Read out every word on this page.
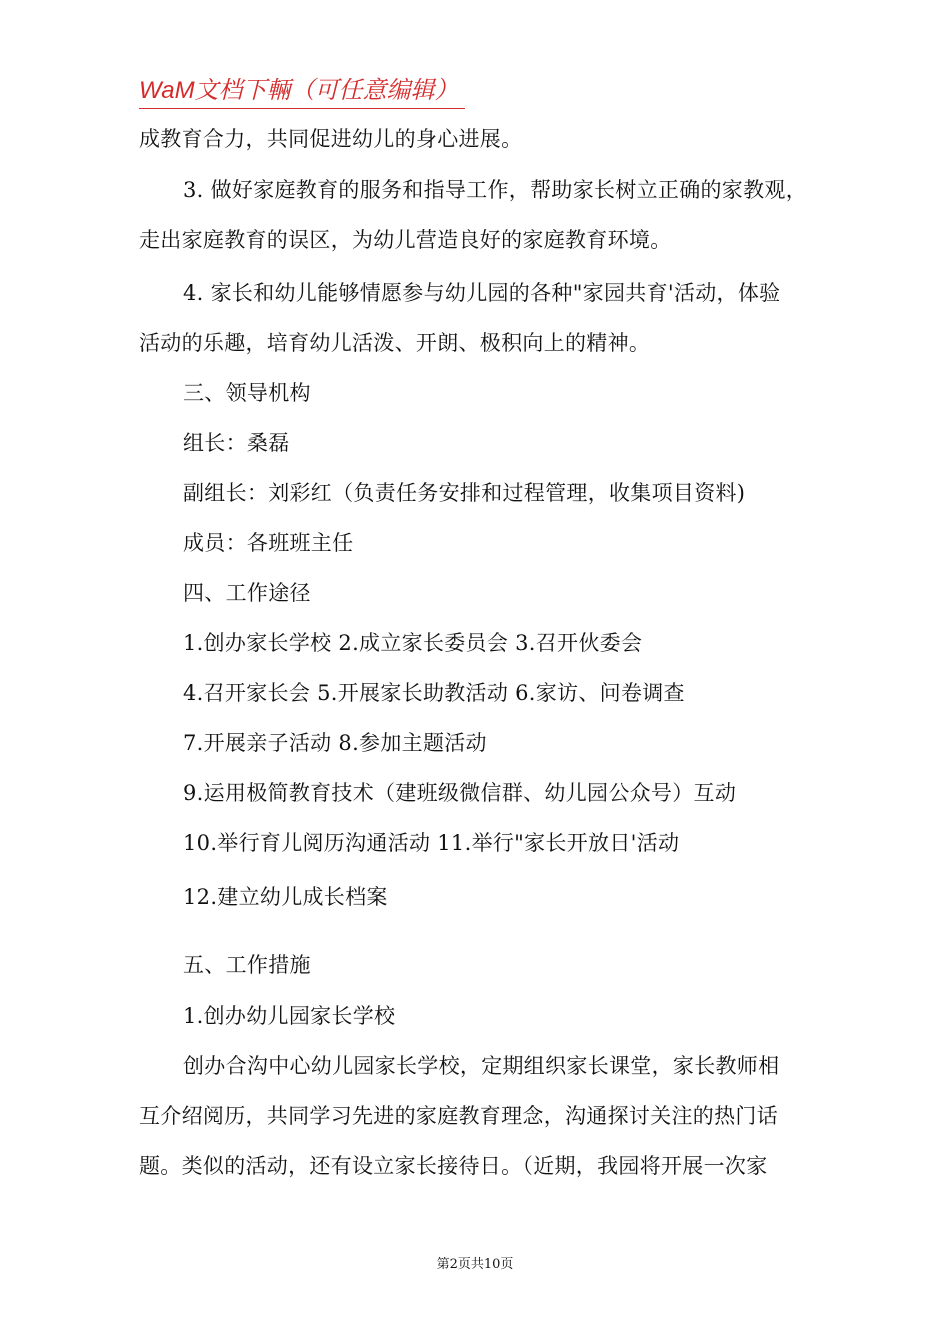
WaM文档下輛（可任意编辑）
成教育合力，共同促进幼儿的身心进展。
3. 做好家庭教育的服务和指导工作，帮助家长树立正确的家教观，
走出家庭教育的误区，为幼儿营造良好的家庭教育环境。
4. 家长和幼儿能够情愿参与幼儿园的各种"家园共育'活动，体验
活动的乐趣，培育幼儿活泼、开朗、极积向上的精神。
三、领导机构
组长：桑磊
副组长：刘彩红（负责任务安排和过程管理，收集项目资料)
成员：各班班主任
四、工作途径
1.创办家长学校 2.成立家长委员会 3.召开伙委会
4.召开家长会 5.开展家长助教活动 6.家访、问卷调查
7.开展亲子活动 8.参加主题活动
9.运用极简教育技术（建班级微信群、幼儿园公众号）互动
10.举行育儿阅历沟通活动 11.举行"家长开放日'活动
12.建立幼儿成长档案
五、工作措施
1.创办幼儿园家长学校
创办合沟中心幼儿园家长学校，定期组织家长课堂，家长教师相
互介绍阅历，共同学习先进的家庭教育理念，沟通探讨关注的热门话
题。类似的活动，还有设立家长接待日。（近期，我园将开展一次家
第2页共10页
